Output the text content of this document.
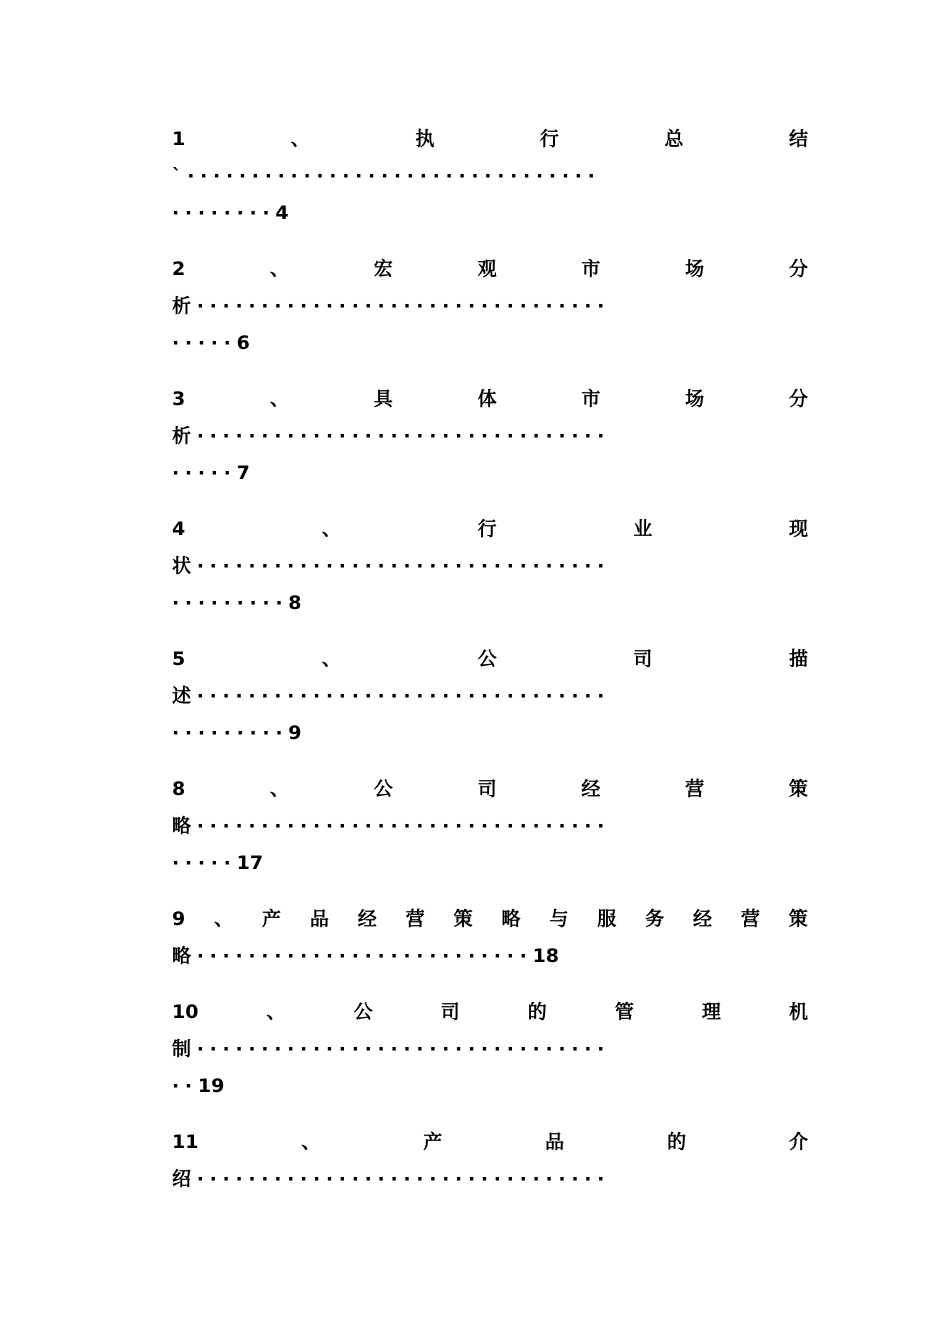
1	、	执	行	总	结
`································
········ 4
2	、	宏	观	市	场	分
析································
····· 6
3	、	具	体	市	场	分
析································
····· 7
4	、	行	业	现
状································
········· 8
5	、	公	司	描
述································
········· 9
8	、	公	司	经	营	策
略································
····· 17
9 、 产 品 经 营 策 略 与 服 务 经 营 策
略·························· 18
10	、	公	司	的	管	理	机
制································
·· 19
11	、	产	品	的	介
绍································
